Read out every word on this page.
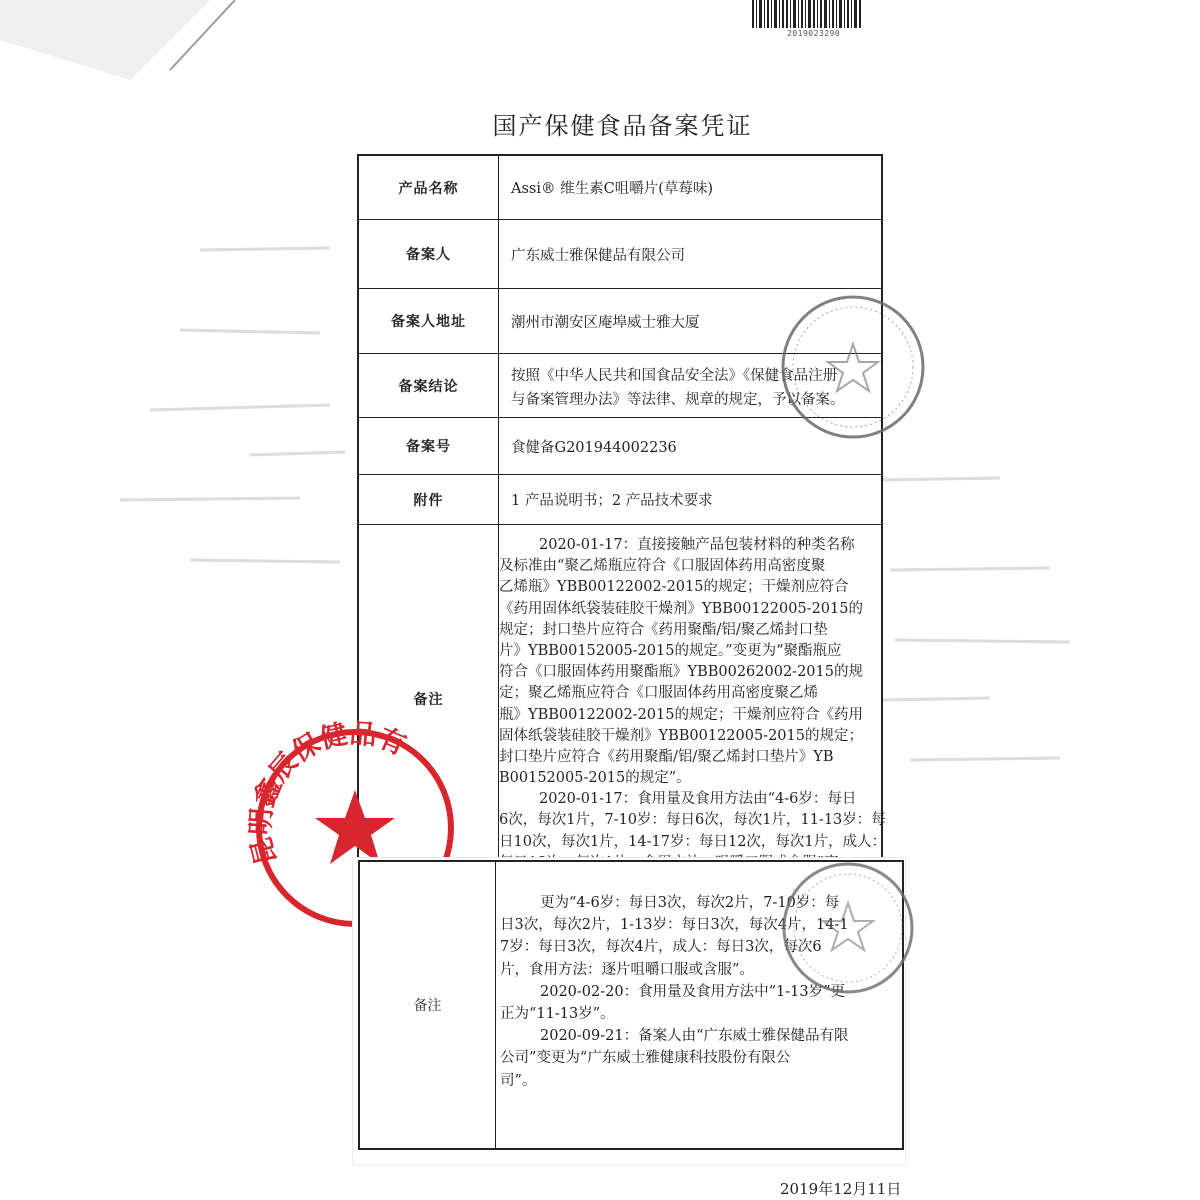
2019023290
国产保健食品备案凭证
产品名称	Assi® 维生素C咀嚼片(草莓味)
备案人	广东威士雅保健品有限公司
备案人地址	潮州市潮安区庵埠威士雅大厦
备案结论
按照《中华人民共和国食品安全法》《保健食品注册
与备案管理办法》等法律、规章的规定，予以备案。
备案号	食健备G201944002236
附件	1 产品说明书；2 产品技术要求
备注
2020-01-17：直接接触产品包装材料的种类名称
及标准由“聚乙烯瓶应符合《口服固体药用高密度聚
乙烯瓶》YBB00122002-2015的规定；干燥剂应符合
《药用固体纸袋装硅胶干燥剂》YBB00122005-2015的
规定；封口垫片应符合《药用聚酯/铝/聚乙烯封口垫
片》YBB00152005-2015的规定。”变更为“聚酯瓶应
符合《口服固体药用聚酯瓶》YBB00262002-2015的规
定；聚乙烯瓶应符合《口服固体药用高密度聚乙烯
瓶》YBB00122002-2015的规定；干燥剂应符合《药用
固体纸袋装硅胶干燥剂》YBB00122005-2015的规定；
封口垫片应符合《药用聚酯/铝/聚乙烯封口垫片》YB
B00152005-2015的规定”。
2020-01-17：食用量及食用方法由“4-6岁：每日
6次，每次1片，7-10岁：每日6次，每次1片，11-13岁：每
日10次，每次1片，14-17岁：每日12次，每次1片，成人：
昆明鑫辰保健品有
备注
更为“4-6岁：每日3次，每次2片，7-10岁：每
日3次，每次2片，1-13岁：每日3次，每次4片，14-1
7岁：每日3次，每次4片，成人：每日3次，每次6
片，食用方法：逐片咀嚼口服或含服”。
2020-02-20：食用量及食用方法中“1-13岁”更
正为“11-13岁”。
2020-09-21：备案人由“广东威士雅保健品有限
公司”变更为“广东威士雅健康科技股份有限公
司”。
2019年12月11日
